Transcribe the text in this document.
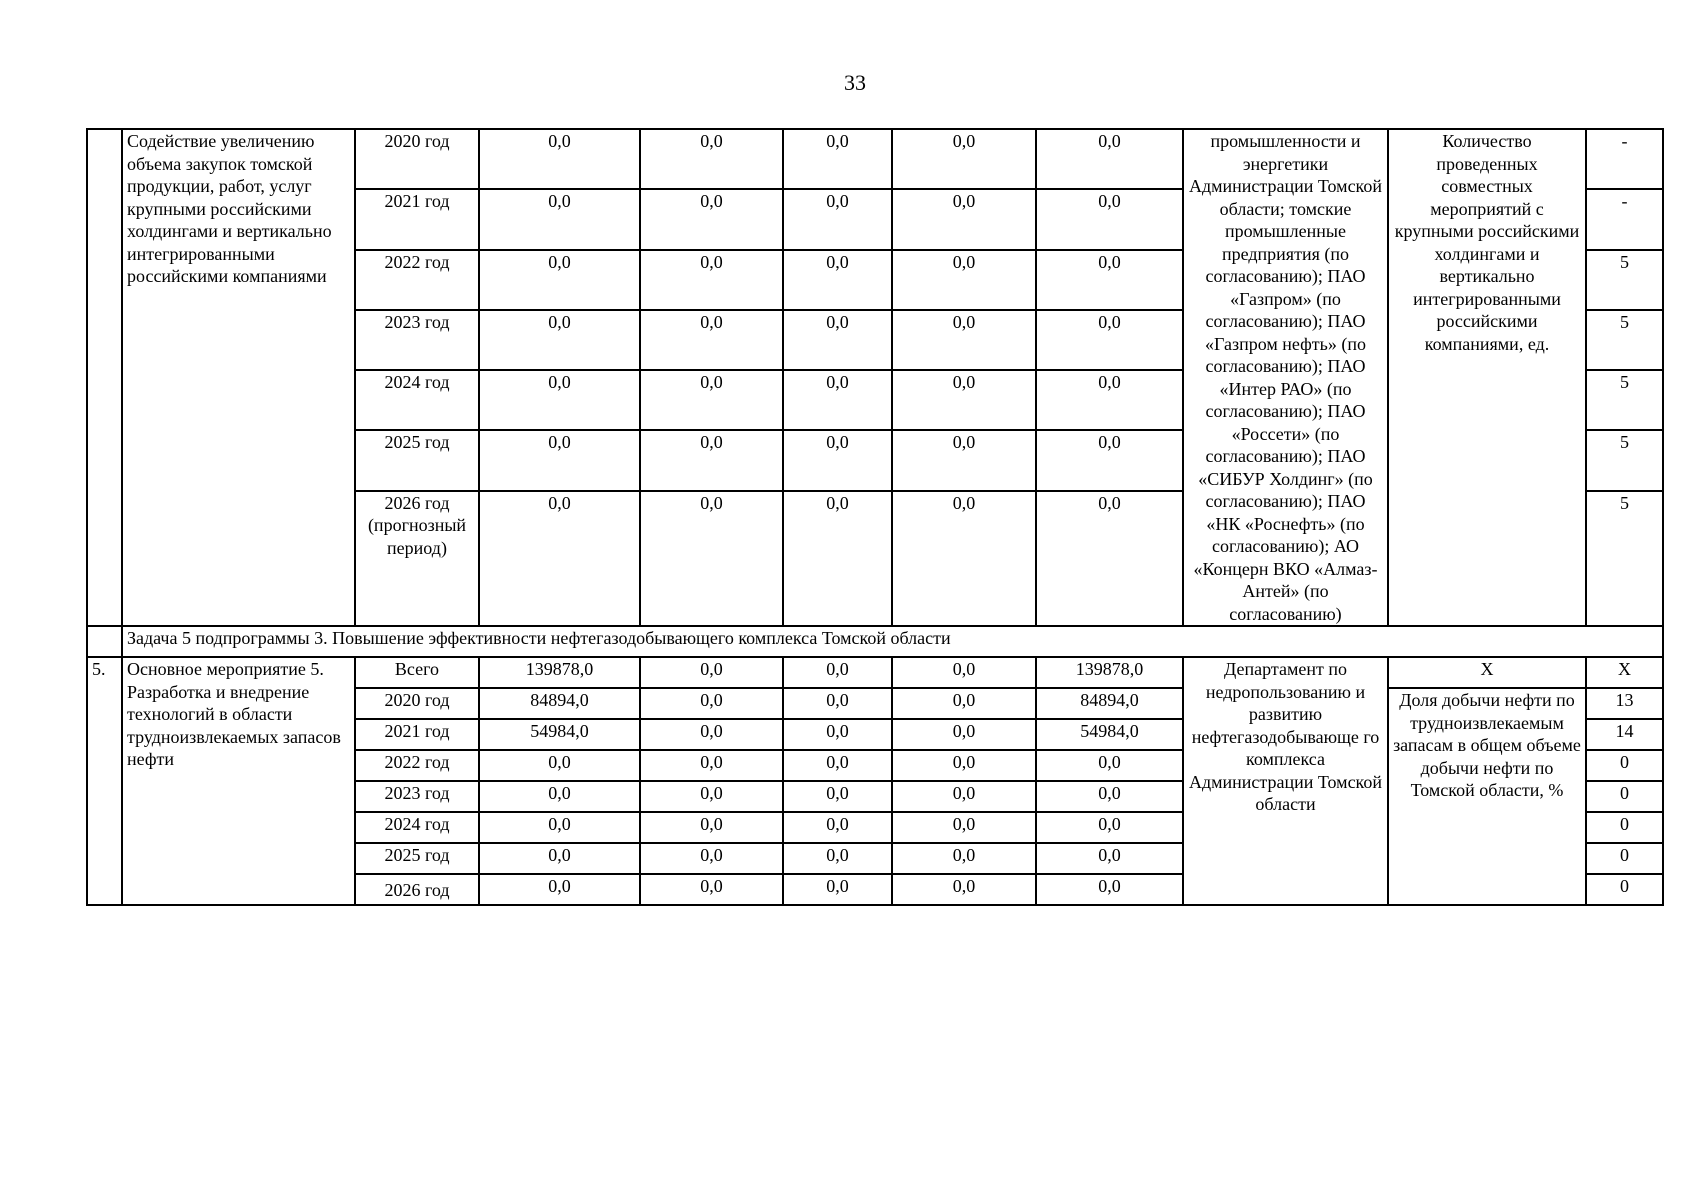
33
	Содействие увеличению объема закупок томской продукции, работ, услуг крупными российскими холдингами и вертикально интегрированными российскими компаниями	2020 год	0,0	0,0	0,0	0,0	0,0	промышленности и энергетики Администрации Томской области; томские промышленные предприятия (по согласованию); ПАО «Газпром» (по согласованию); ПАО «Газпром нефть» (по согласованию); ПАО «Интер РАО» (по согласованию); ПАО «Россети» (по согласованию); ПАО «СИБУР Холдинг» (по согласованию); ПАО «НК «Роснефть» (по согласованию); АО «Концерн ВКО «Алмаз-Антей» (по согласованию)	Количество проведенных совместных мероприятий с крупными российскими холдингами и вертикально интегрированными российскими компаниями, ед.	-
		2021 год	0,0	0,0	0,0	0,0	0,0			-
		2022 год	0,0	0,0	0,0	0,0	0,0			5
		2023 год	0,0	0,0	0,0	0,0	0,0			5
		2024 год	0,0	0,0	0,0	0,0	0,0			5
		2025 год	0,0	0,0	0,0	0,0	0,0			5
		2026 год (прогнозный период)	0,0	0,0	0,0	0,0	0,0			5
	Задача 5 подпрограммы 3. Повышение эффективности нефтегазодобывающего комплекса Томской области									
5.	Основное мероприятие 5. Разработка и внедрение технологий в области трудноизвлекаемых запасов нефти	Всего	139878,0	0,0	0,0	0,0	139878,0	Департамент по недропользованию и развитию нефтегазодобывающе го комплекса Администрации Томской области	Х	Х
		2020 год	84894,0	0,0	0,0	0,0	84894,0		Доля добычи нефти по трудноизвлекаемым запасам в общем объеме добычи нефти по Томской области, %	13
		2021 год	54984,0	0,0	0,0	0,0	54984,0			14
		2022 год	0,0	0,0	0,0	0,0	0,0			0
		2023 год	0,0	0,0	0,0	0,0	0,0			0
		2024 год	0,0	0,0	0,0	0,0	0,0			0
		2025 год	0,0	0,0	0,0	0,0	0,0			0
		2026 год	0,0	0,0	0,0	0,0	0,0			0
